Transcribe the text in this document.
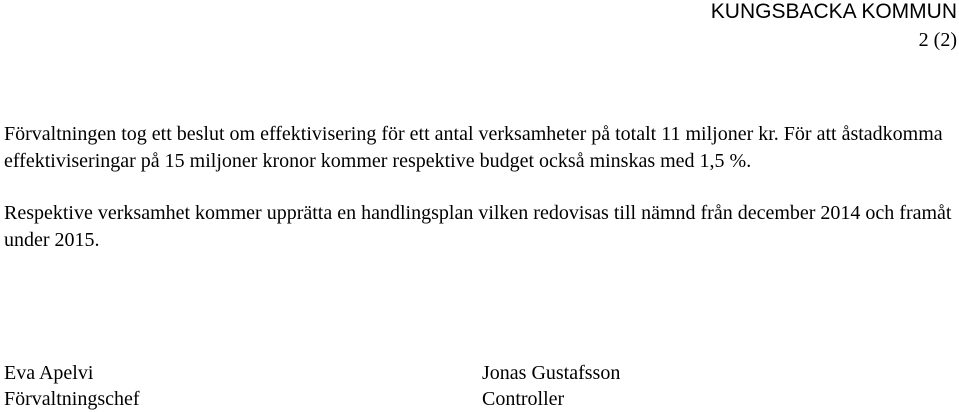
KUNGSBACKA KOMMUN
2 (2)

Förvaltningen tog ett beslut om effektivisering för ett antal verksamheter på totalt 11 miljoner kr. För att åstadkomma effektiviseringar på 15 miljoner kronor kommer respektive budget också minskas med 1,5 %.

Respektive verksamhet kommer upprätta en handlingsplan vilken redovisas till nämnd från december 2014 och framåt under 2015.

Eva Apelvi
Förvaltningschef
Jonas Gustafsson
Controller
